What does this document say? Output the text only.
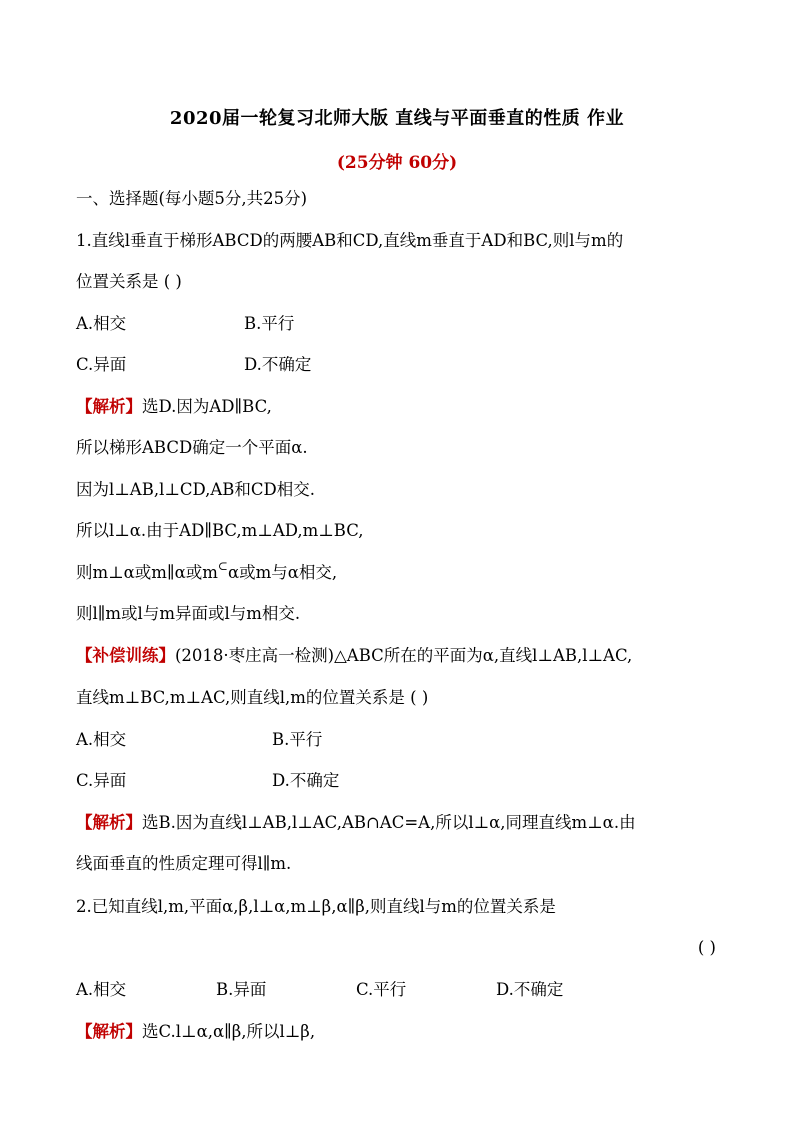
2020届一轮复习北师大版 直线与平面垂直的性质 作业
(25分钟 60分)
一、选择题(每小题5分,共25分)
1.直线l垂直于梯形ABCD的两腰AB和CD,直线m垂直于AD和BC,则l与m的
位置关系是 ( )
A.相交	B.平行
C.异面	D.不确定
【解析】选D.因为AD∥BC,
所以梯形ABCD确定一个平面α.
因为l⊥AB,l⊥CD,AB和CD相交.
所以l⊥α.由于AD∥BC,m⊥AD,m⊥BC,
则m⊥α或m∥α或m⊂α或m与α相交,
则l∥m或l与m异面或l与m相交.
【补偿训练】(2018·枣庄高一检测)△ABC所在的平面为α,直线l⊥AB,l⊥AC,
直线m⊥BC,m⊥AC,则直线l,m的位置关系是 ( )
A.相交	B.平行
C.异面	D.不确定
【解析】选B.因为直线l⊥AB,l⊥AC,AB∩AC=A,所以l⊥α,同理直线m⊥α.由
线面垂直的性质定理可得l∥m.
2.已知直线l,m,平面α,β,l⊥α,m⊥β,α∥β,则直线l与m的位置关系是
( )
A.相交	B.异面	C.平行	D.不确定
【解析】选C.l⊥α,α∥β,所以l⊥β,
